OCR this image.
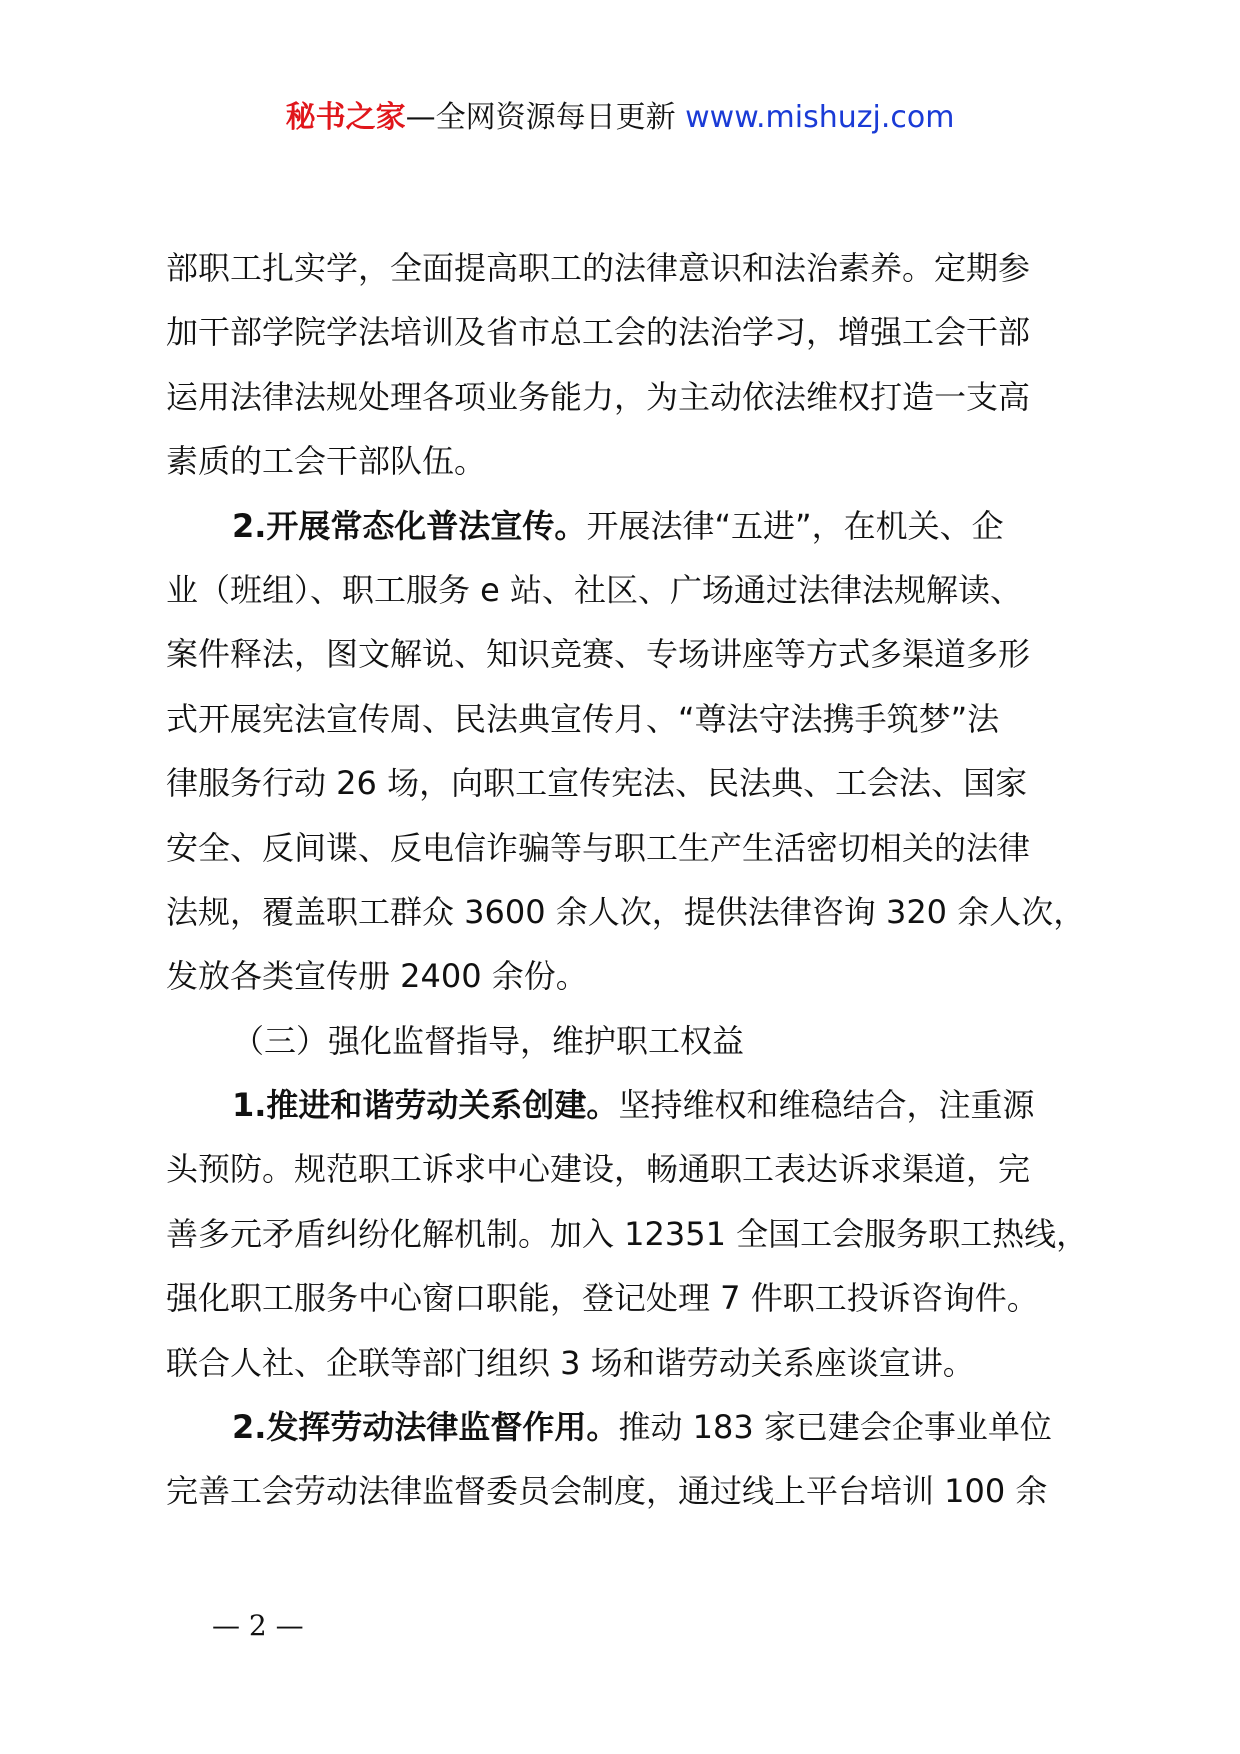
秘书之家—全网资源每日更新 www.mishuzj.com
部职工扎实学，全面提高职工的法律意识和法治素养。定期参
加干部学院学法培训及省市总工会的法治学习，增强工会干部
运用法律法规处理各项业务能力，为主动依法维权打造一支高
素质的工会干部队伍。
2.开展常态化普法宣传。开展法律“五进”，在机关、企
业（班组）、职工服务 e 站、社区、广场通过法律法规解读、
案件释法，图文解说、知识竞赛、专场讲座等方式多渠道多形
式开展宪法宣传周、民法典宣传月、“尊法守法携手筑梦”法
律服务行动 26 场，向职工宣传宪法、民法典、工会法、国家
安全、反间谍、反电信诈骗等与职工生产生活密切相关的法律
法规，覆盖职工群众 3600 余人次，提供法律咨询 320 余人次，
发放各类宣传册 2400 余份。
（三）强化监督指导，维护职工权益
1.推进和谐劳动关系创建。坚持维权和维稳结合，注重源
头预防。规范职工诉求中心建设，畅通职工表达诉求渠道，完
善多元矛盾纠纷化解机制。加入 12351 全国工会服务职工热线，
强化职工服务中心窗口职能，登记处理 7 件职工投诉咨询件。
联合人社、企联等部门组织 3 场和谐劳动关系座谈宣讲。
2.发挥劳动法律监督作用。推动 183 家已建会企事业单位
完善工会劳动法律监督委员会制度，通过线上平台培训 100 余
— 2 —
